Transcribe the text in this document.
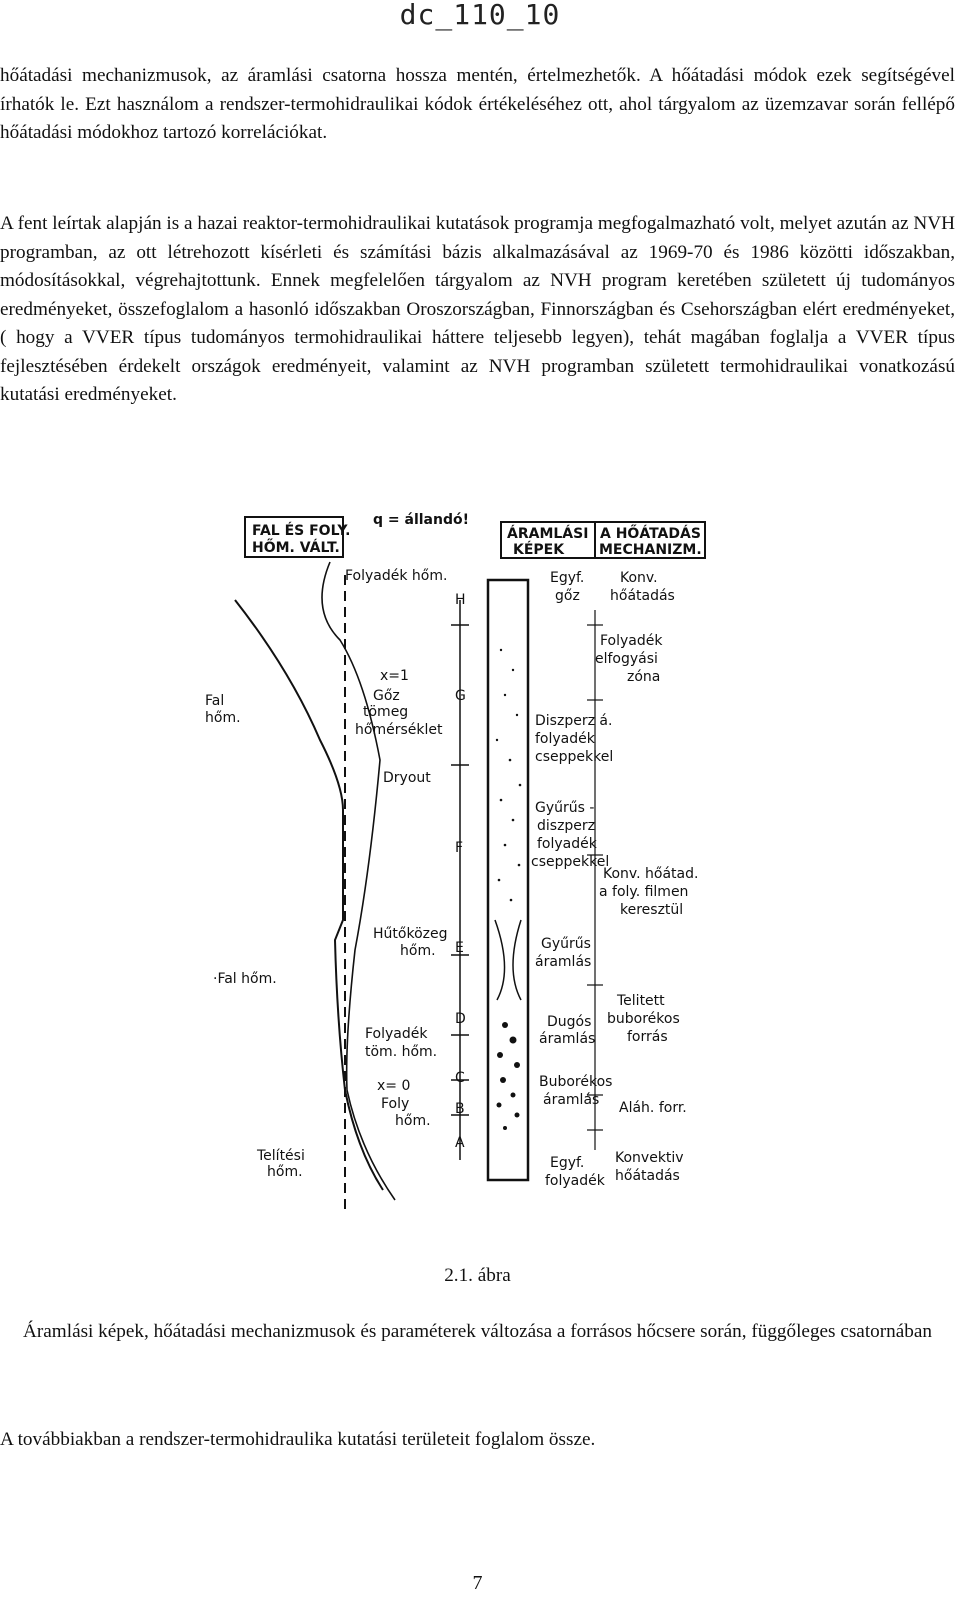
dc_110_10

hőátadási mechanizmusok, az áramlási csatorna hossza mentén, értelmezhetők. A hőátadási módok ezek segítségével írhatók le. Ezt használom a rendszer-termohidraulikai kódok értékeléséhez ott, ahol tárgyalom az üzemzavar során fellépő hőátadási módokhoz tartozó korrelációkat.

A fent leírtak alapján is a hazai reaktor-termohidraulikai kutatások programja megfogalmazható volt, melyet azután az NVH programban, az ott létrehozott kísérleti és számítási bázis alkalmazásával az 1969-70 és 1986 közötti időszakban, módosításokkal, végrehajtottunk. Ennek megfelelően tárgyalom az NVH program keretében született új tudományos eredményeket, összefoglalom a hasonló időszakban Oroszországban, Finnországban és Csehországban elért eredményeket, ( hogy a VVER típus tudományos termohidraulikai háttere teljesebb legyen), tehát magában foglalja a VVER típus fejlesztésében érdekelt országok eredményeit, valamint az NVH programban született termohidraulikai vonatkozású kutatási eredményeket.

FAL ÉS FOLY.
HŐM. VÁLT.
q = állandó!
ÁRAMLÁSI
KÉPEK
A HŐÁTADÁS
MECHANIZM.
H
G
F
E
D
C
B
A
Fal
hőm.
Folyadék hőm.
x=1
Gőz
tömeg
hőmérséklet
Dryout
Hűtőközeg
hőm.
·Fal hőm.
Folyadék
töm. hőm.
x= 0
Foly
hőm.
Telítési
hőm.
Egyf.
gőz
Diszperz á.
folyadék
cseppekkel
Gyűrűs -
diszperz
folyadék
cseppekkel
Gyűrűs
áramlás
Dugós
áramlás
Buborékos
áramlás
Egyf.
folyadék
Konv.
hőátadás
Folyadék
elfogyási
zóna
Konv. hőátad.
a foly. filmen
keresztül
Telitett
buborékos
forrás
Aláh. forr.
Konvektiv
hőátadás

2.1. ábra

Áramlási képek, hőátadási mechanizmusok és paraméterek változása a forrásos hőcsere során, függőleges csatornában

A továbbiakban a rendszer-termohidraulika kutatási területeit foglalom össze.

7
